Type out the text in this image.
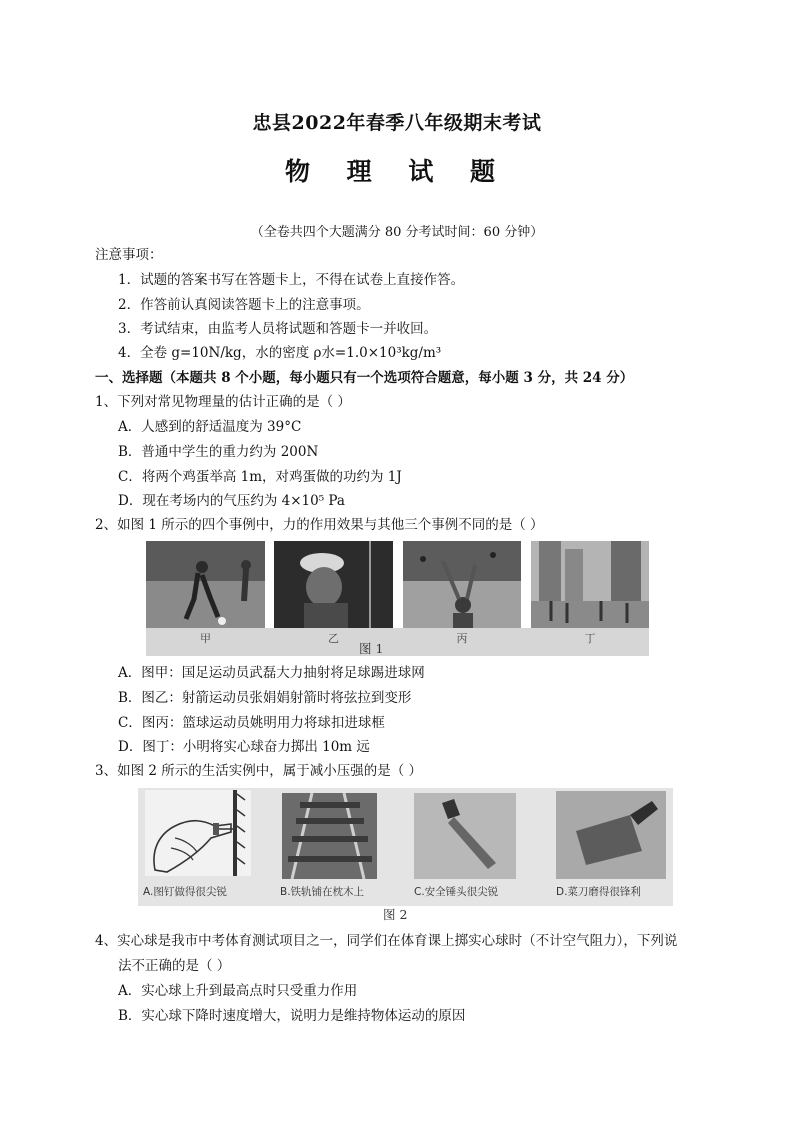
忠县2022年春季八年级期末考试
物 理 试 题
（全卷共四个大题满分 80 分考试时间：60 分钟）
注意事项：
1．试题的答案书写在答题卡上，不得在试卷上直接作答。
2．作答前认真阅读答题卡上的注意事项。
3．考试结束，由监考人员将试题和答题卡一并收回。
4．全卷 g=10N/kg，水的密度 ρ水=1.0×10³kg/m³
一、选择题（本题共 8 个小题，每小题只有一个选项符合题意，每小题 3 分，共 24 分）
1、下列对常见物理量的估计正确的是（ ）
A．人感到的舒适温度为 39°C
B．普通中学生的重力约为 200N
C．将两个鸡蛋举高 1m，对鸡蛋做的功约为 1J
D．现在考场内的气压约为 4×10⁵ Pa
2、如图 1 所示的四个事例中，力的作用效果与其他三个事例不同的是（ ）
甲	乙	丙	丁
图 1
A．图甲：国足运动员武磊大力抽射将足球踢进球网
B．图乙：射箭运动员张娟娟射箭时将弦拉到变形
C．图丙：篮球运动员姚明用力将球扣进球框
D．图丁：小明将实心球奋力掷出 10m 远
3、如图 2 所示的生活实例中，属于减小压强的是（ ）
A.图钉做得很尖锐	B.铁轨铺在枕木上	C.安全锤头很尖锐	D.菜刀磨得很锋利
图 2
4、实心球是我市中考体育测试项目之一，同学们在体育课上掷实心球时（不计空气阻力），下列说
法不正确的是（ ）
A．实心球上升到最高点时只受重力作用
B．实心球下降时速度增大，说明力是维持物体运动的原因
